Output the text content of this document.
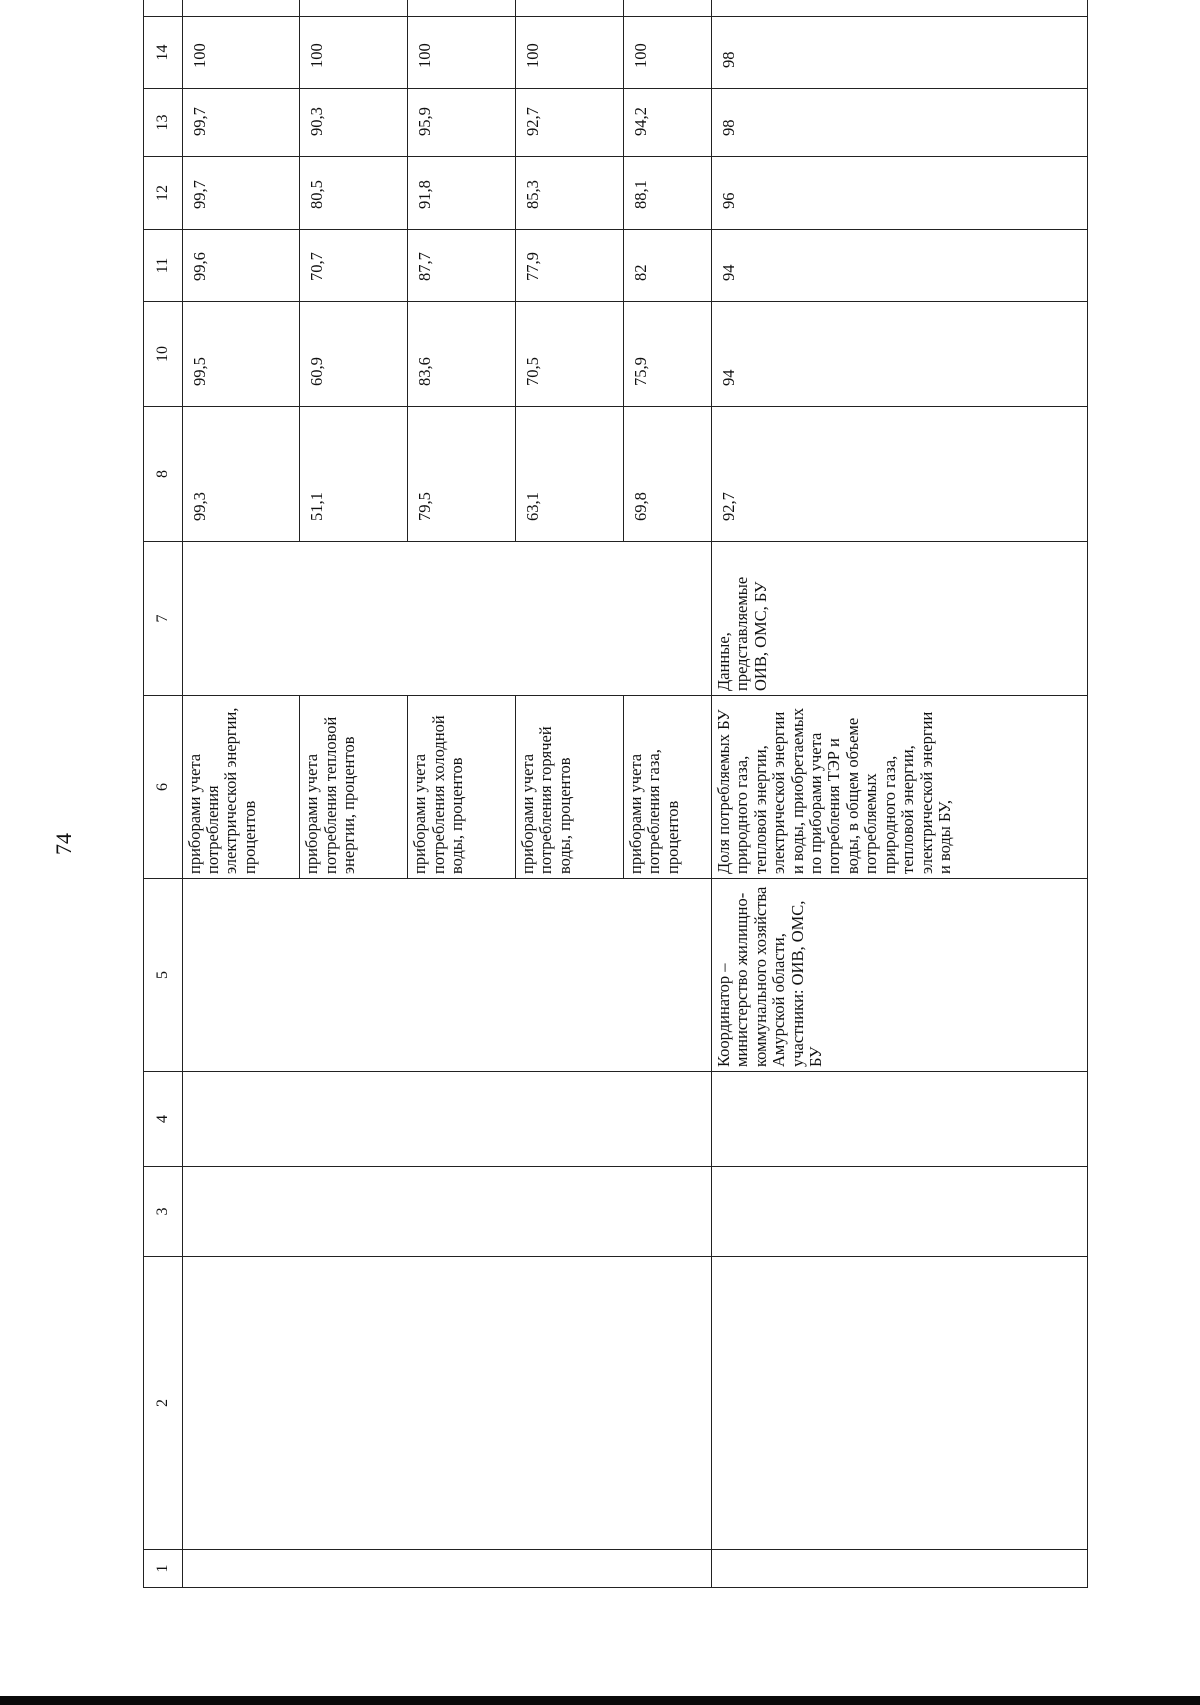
74
1	2	3	4	5	6	7	8	10	11	12	13	14	
					приборами учета потребления электрической энергии, процентов		99,3	99,5	99,6	99,7	99,7	100	
					приборами учета потребления тепловой энергии, процентов		51,1	60,9	70,7	80,5	90,3	100	
					приборами учета потребления холодной воды, процентов		79,5	83,6	87,7	91,8	95,9	100	
					приборами учета потребления горячей воды, процентов		63,1	70,5	77,9	85,3	92,7	100	
					приборами учета потребления газа, процентов		69,8	75,9	82	88,1	94,2	100	
				Координатор – министерство жилищно-коммунального хозяйства Амурской области, участники: ОИВ, ОМС, БУ	Доля потребляемых БУ природного газа, тепловой энергии, электрической энергии и воды, приобретаемых по приборами учета потребления ТЭР и воды, в общем объеме потребляемых природного газа, тепловой энергии, электрической энергии и воды БУ,	Данные, представляемые ОИВ, ОМС, БУ	92,7	94	94	96	98	98	
